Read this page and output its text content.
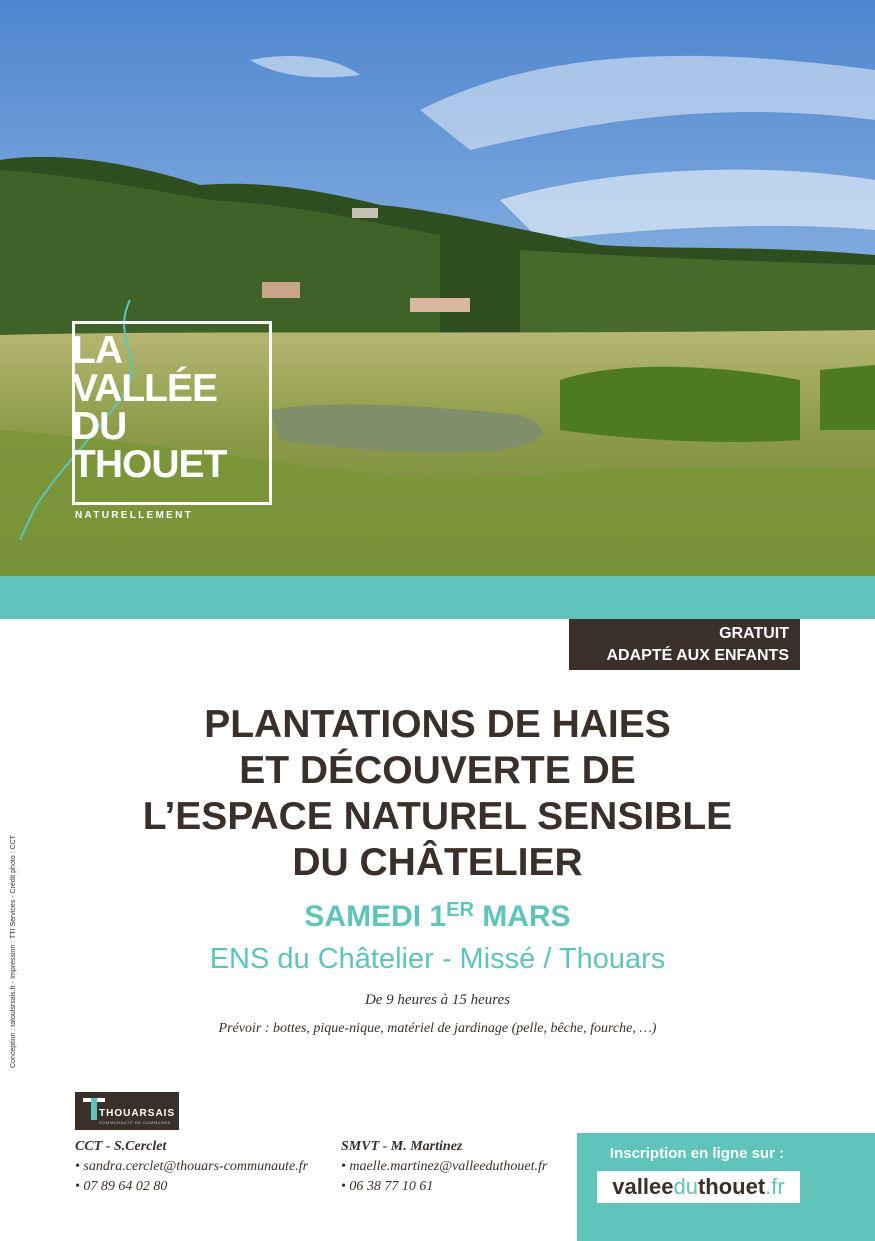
LA
VALLÉE
DU
THOUET
NATURELLEMENT
GRATUIT
ADAPTÉ AUX ENFANTS
PLANTATIONS DE HAIES
ET DÉCOUVERTE DE
L’ESPACE NATUREL SENSIBLE
DU CHÂTELIER
SAMEDI 1ER MARS
ENS du Châtelier - Missé / Thouars
De 9 heures à 15 heures
Prévoir : bottes, pique-nique, matériel de jardinage (pelle, bêche, fourche, …)
Conception : tatoulsrsais.fr - Impression : TTI Services - Crédit photo : CCT
THOUARSAIS
COMMUNAUTÉ DE COMMUNES
CCT - S.Cerclet
• sandra.cerclet@thouars-communaute.fr
• 07 89 64 02 80
SMVT - M. Martinez
• maelle.martinez@valleeduthouet.fr
• 06 38 77 10 61
Inscription en ligne sur :
valleeduthouet.fr
